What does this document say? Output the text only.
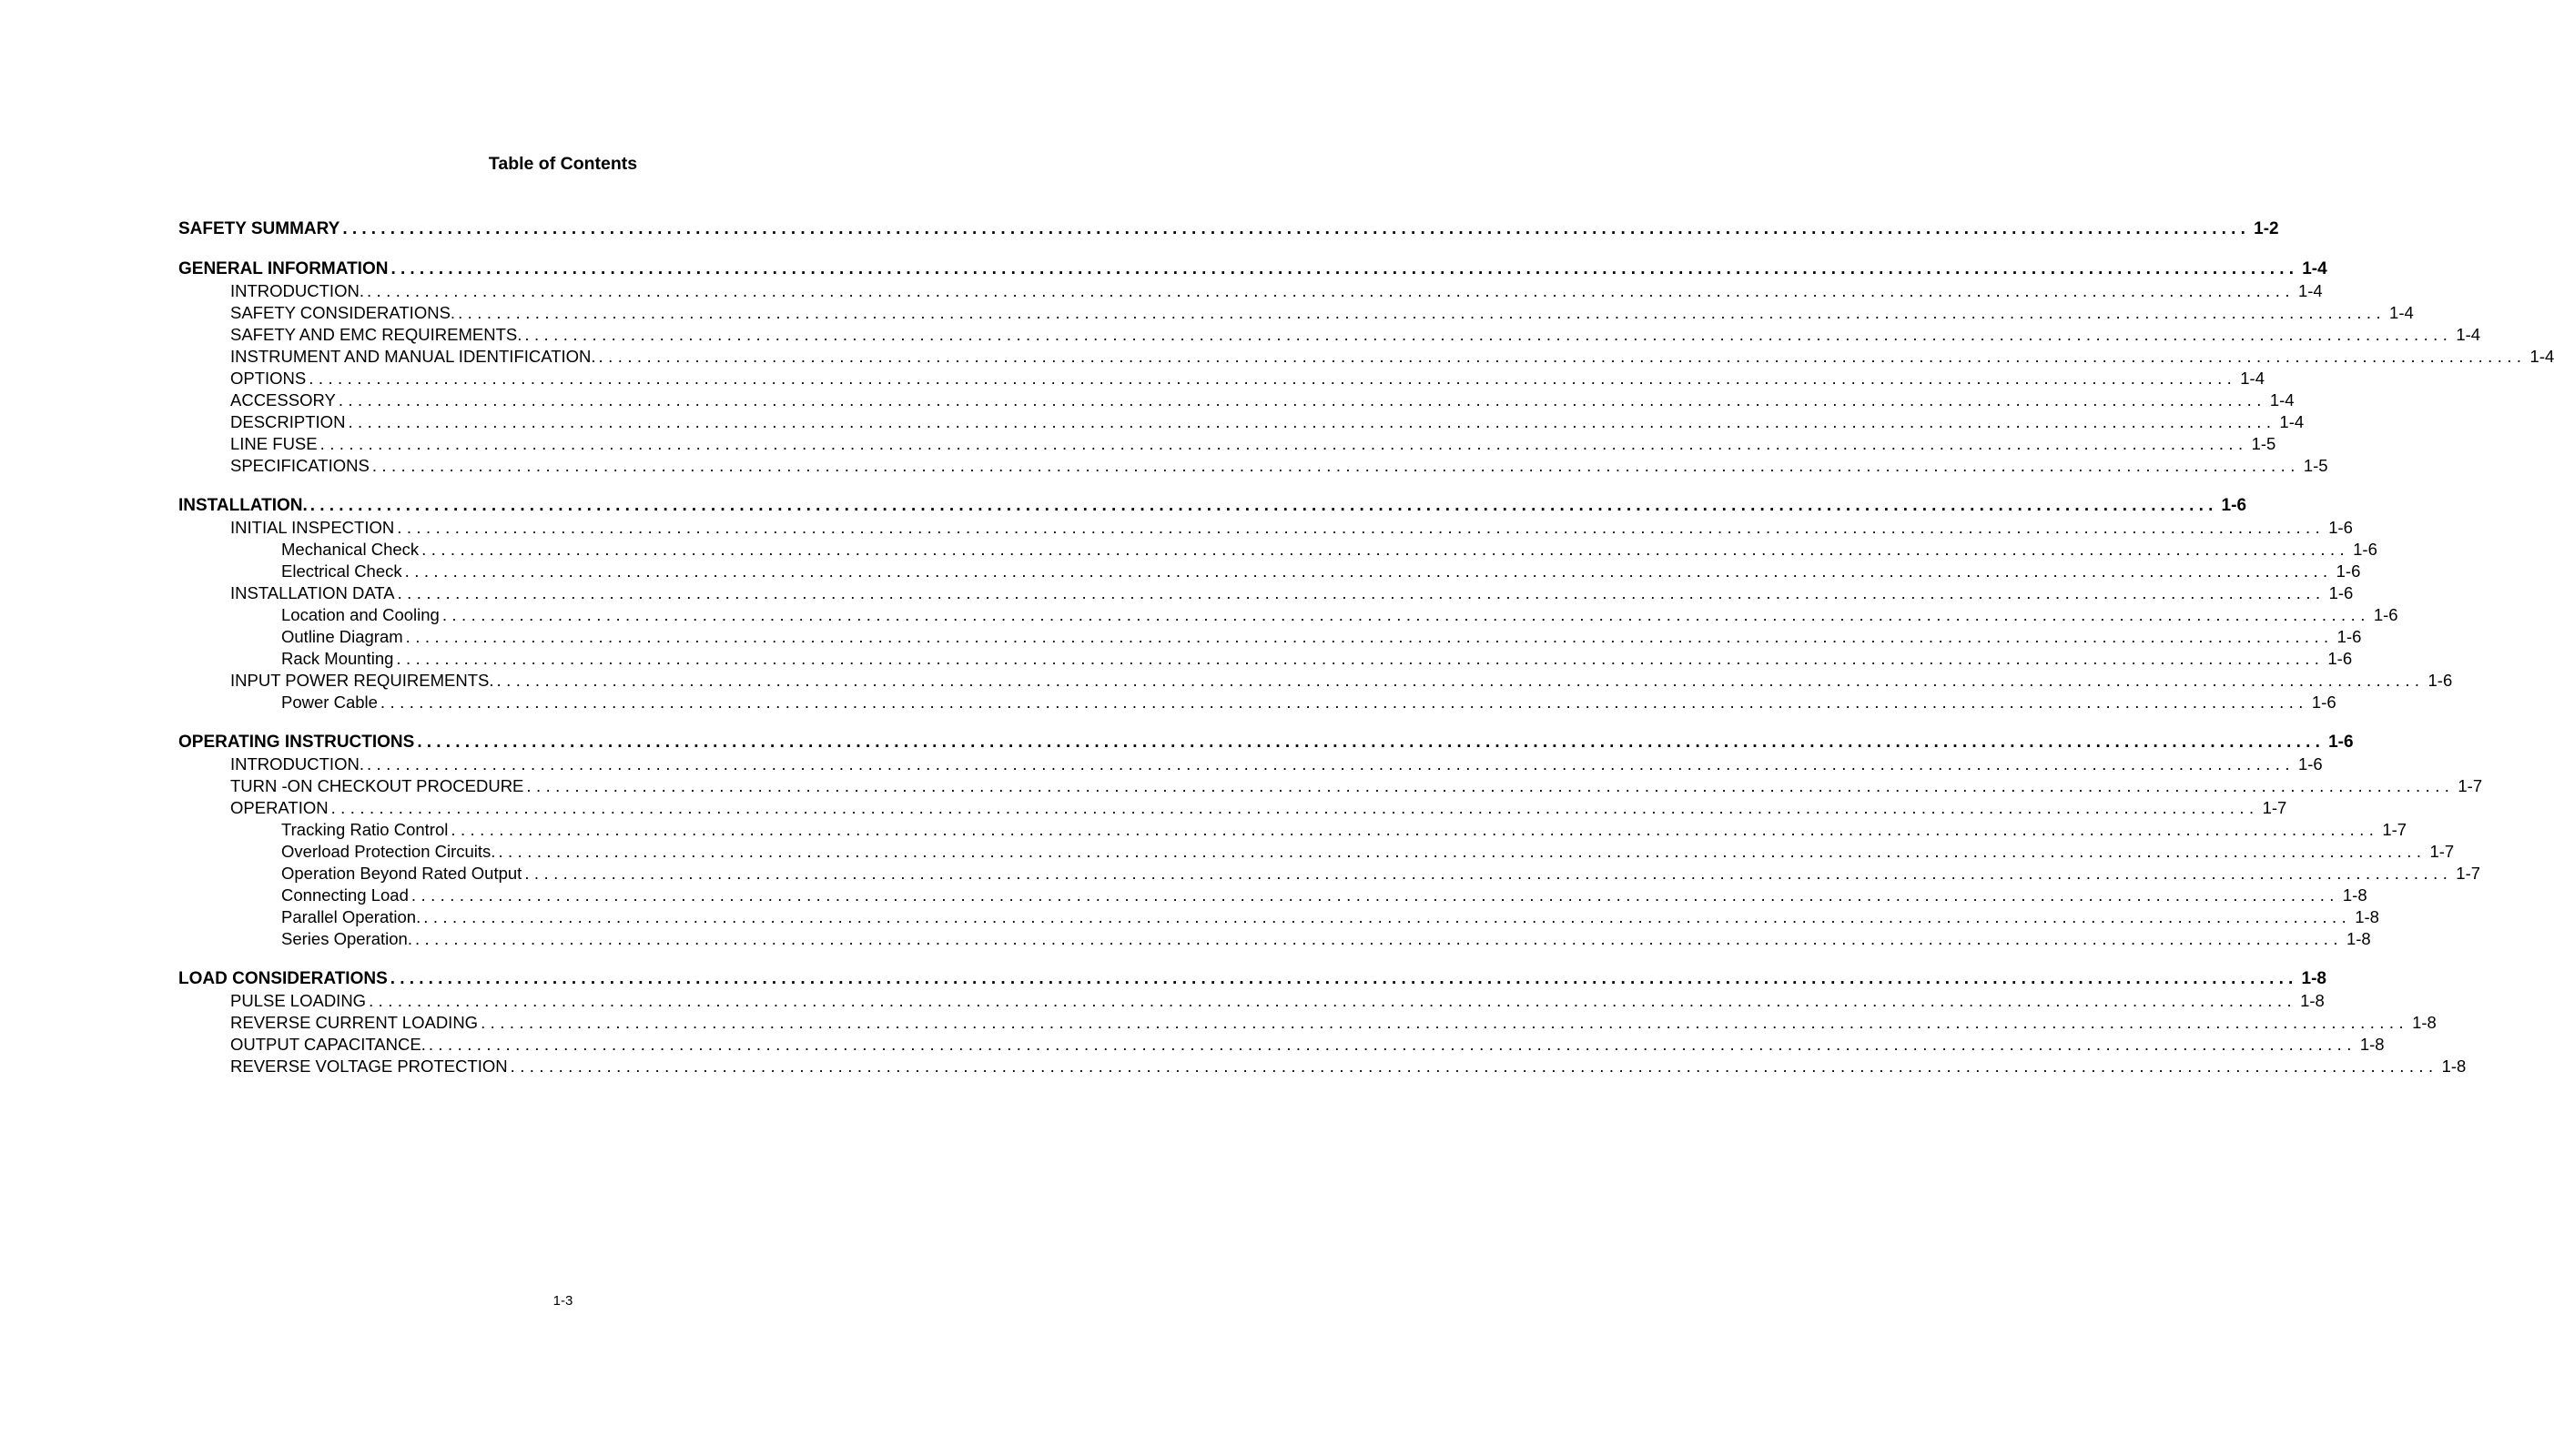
Table of Contents
SAFETY SUMMARY ........................................................................................................................................................................................................ 1-2
GENERAL INFORMATION ........................................................................................................................................................................................................ 1-4
INTRODUCTION. ........................................................................................................................................................................................................ 1-4
SAFETY CONSIDERATIONS. ........................................................................................................................................................................................................ 1-4
SAFETY AND EMC REQUIREMENTS. ........................................................................................................................................................................................................ 1-4
INSTRUMENT AND MANUAL IDENTIFICATION. ........................................................................................................................................................................................................ 1-4
OPTIONS ........................................................................................................................................................................................................ 1-4
ACCESSORY ........................................................................................................................................................................................................ 1-4
DESCRIPTION ........................................................................................................................................................................................................ 1-4
LINE FUSE ........................................................................................................................................................................................................ 1-5
SPECIFICATIONS ........................................................................................................................................................................................................ 1-5
INSTALLATION. ........................................................................................................................................................................................................ 1-6
INITIAL INSPECTION ........................................................................................................................................................................................................ 1-6
Mechanical Check ........................................................................................................................................................................................................ 1-6
Electrical Check ........................................................................................................................................................................................................ 1-6
INSTALLATION DATA ........................................................................................................................................................................................................ 1-6
Location and Cooling ........................................................................................................................................................................................................ 1-6
Outline Diagram ........................................................................................................................................................................................................ 1-6
Rack Mounting ........................................................................................................................................................................................................ 1-6
INPUT POWER REQUIREMENTS. ........................................................................................................................................................................................................ 1-6
Power Cable ........................................................................................................................................................................................................ 1-6
OPERATING INSTRUCTIONS ........................................................................................................................................................................................................ 1-6
INTRODUCTION. ........................................................................................................................................................................................................ 1-6
TURN -ON CHECKOUT PROCEDURE ........................................................................................................................................................................................................ 1-7
OPERATION ........................................................................................................................................................................................................ 1-7
Tracking Ratio Control ........................................................................................................................................................................................................ 1-7
Overload Protection Circuits. ........................................................................................................................................................................................................ 1-7
Operation Beyond Rated Output ........................................................................................................................................................................................................ 1-7
Connecting Load ........................................................................................................................................................................................................ 1-8
Parallel Operation. ........................................................................................................................................................................................................ 1-8
Series Operation. ........................................................................................................................................................................................................ 1-8
LOAD CONSIDERATIONS ........................................................................................................................................................................................................ 1-8
PULSE LOADING ........................................................................................................................................................................................................ 1-8
REVERSE CURRENT LOADING ........................................................................................................................................................................................................ 1-8
OUTPUT CAPACITANCE. ........................................................................................................................................................................................................ 1-8
REVERSE VOLTAGE PROTECTION ........................................................................................................................................................................................................ 1-8
1-3
